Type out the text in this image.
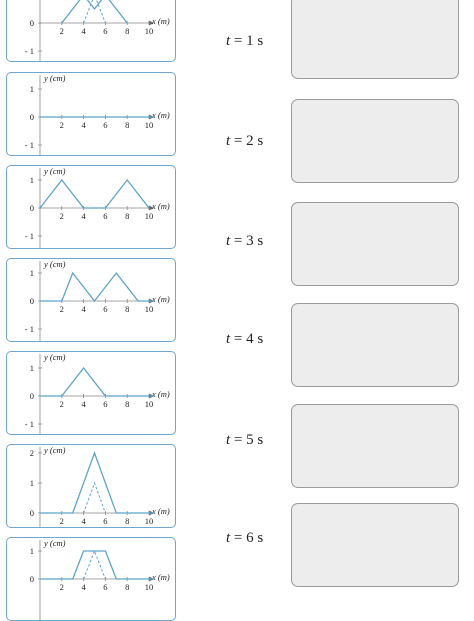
2 4 6 8 10
0
- 1
x (m)
2 4 6 8 10
1
0
- 1
x (m)
y (cm)
2 4 6 8 10
1
0
- 1
x (m)
y (cm)
2 4 6 8 10
1
0
- 1
x (m)
y (cm)
2 4 6 8 10
1
0
- 1
x (m)
y (cm)
2 4 6 8 10
2
1
0	x (m)
y (cm)
2 4 6 8 10
1
0	x (m)
y (cm)
t = 1 s
t = 2 s
t = 3 s
t = 4 s
t = 5 s
t = 6 s
